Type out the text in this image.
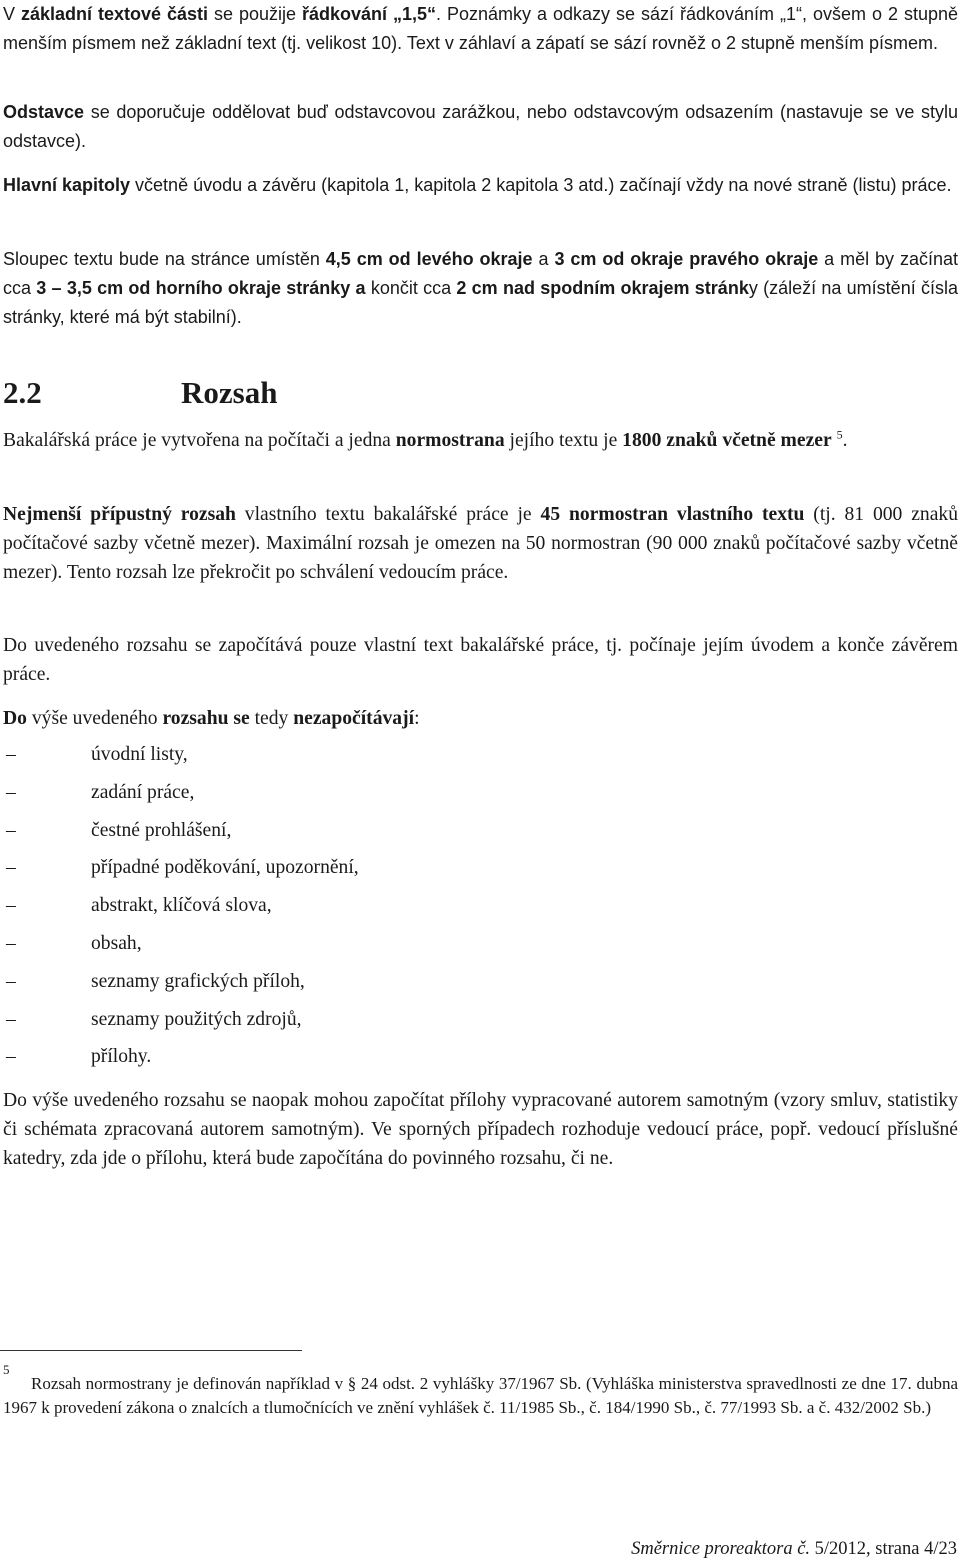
V základní textové části se použije řádkování „1,5“. Poznámky a odkazy se sází řádkováním „1“, ovšem o 2 stupně menším písmem než základní text (tj. velikost 10). Text v záhlaví a zápatí se sází rovněž o 2 stupně menším písmem.

Odstavce se doporučuje oddělovat buď odstavcovou zarážkou, nebo odstavcovým odsazením (nastavuje se ve stylu odstavce).

Hlavní kapitoly včetně úvodu a závěru (kapitola 1, kapitola 2 kapitola 3 atd.) začínají vždy na nové straně (listu) práce.

Sloupec textu bude na stránce umístěn 4,5 cm od levého okraje a 3 cm od okraje pravého okraje a měl by začínat cca 3 – 3,5 cm od horního okraje stránky a končit cca 2 cm nad spodním okrajem stránky (záleží na umístění čísla stránky, které má být stabilní).

2.2	Rozsah

Bakalářská práce je vytvořena na počítači a jedna normostrana jejího textu je 1800 znaků včetně mezer $^5$.

Nejmenší přípustný rozsah vlastního textu bakalářské práce je 45 normostran vlastního textu (tj. 81 000 znaků počítačové sazby včetně mezer). Maximální rozsah je omezen na 50 normostran (90 000 znaků počítačové sazby včetně mezer). Tento rozsah lze překročit po schválení vedoucím práce.

Do uvedeného rozsahu se započítává pouze vlastní text bakalářské práce, tj. počínaje jejím úvodem a konče závěrem práce.

Do výše uvedeného rozsahu se tedy nezapočítávají:

–	úvodní listy,
–	zadání práce,
–	čestné prohlášení,
–	případné poděkování, upozornění,
–	abstrakt, klíčová slova,
–	obsah,
–	seznamy grafických příloh,
–	seznamy použitých zdrojů,
–	přílohy.

Do výše uvedeného rozsahu se naopak mohou započítat přílohy vypracované autorem samotným (vzory smluv, statistiky či schémata zpracovaná autorem samotným). Ve sporných případech rozhoduje vedoucí práce, popř. vedoucí příslušné katedry, zda jde o přílohu, která bude započítána do povinného rozsahu, či ne.

5

Rozsah normostrany je definován například v § 24 odst. 2 vyhlášky 37/1967 Sb. (Vyhláška ministerstva spravedlnosti ze dne 17. dubna 1967 k provedení zákona o znalcích a tlumočnících ve znění vyhlášek č. 11/1985 Sb., č. 184/1990 Sb., č. 77/1993 Sb. a č. 432/2002 Sb.)

Směrnice proreaktora č. 5/2012, strana 4/23
